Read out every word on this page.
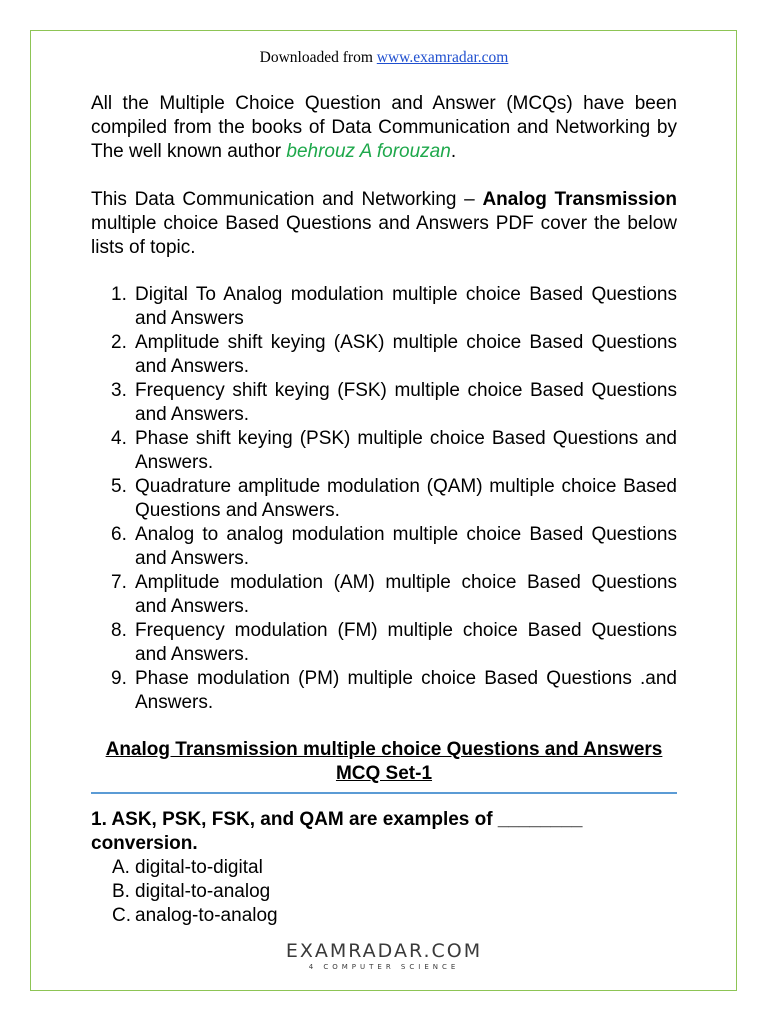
Downloaded from www.examradar.com

All the Multiple Choice Question and Answer (MCQs) have been compiled from the books of Data Communication and Networking by The well known author behrouz A forouzan.

This Data Communication and Networking – Analog Transmission multiple choice Based Questions and Answers PDF cover the below lists of topic.

1. Digital To Analog modulation multiple choice Based Questions and Answers
2. Amplitude shift keying (ASK) multiple choice Based Questions and Answers.
3. Frequency shift keying (FSK) multiple choice Based Questions and Answers.
4. Phase shift keying (PSK) multiple choice Based Questions and Answers.
5. Quadrature amplitude modulation (QAM) multiple choice Based Questions and Answers.
6. Analog to analog modulation multiple choice Based Questions and Answers.
7. Amplitude modulation (AM) multiple choice Based Questions and Answers.
8. Frequency modulation (FM) multiple choice Based Questions and Answers.
9. Phase modulation (PM) multiple choice Based Questions .and Answers.
Analog Transmission multiple choice Questions and Answers
MCQ Set-1
1. ASK, PSK, FSK, and QAM are examples of ________ conversion.
A. digital-to-digital
B. digital-to-analog
C. analog-to-analog
EXAMRADAR.COM
4 COMPUTER SCIENCE
